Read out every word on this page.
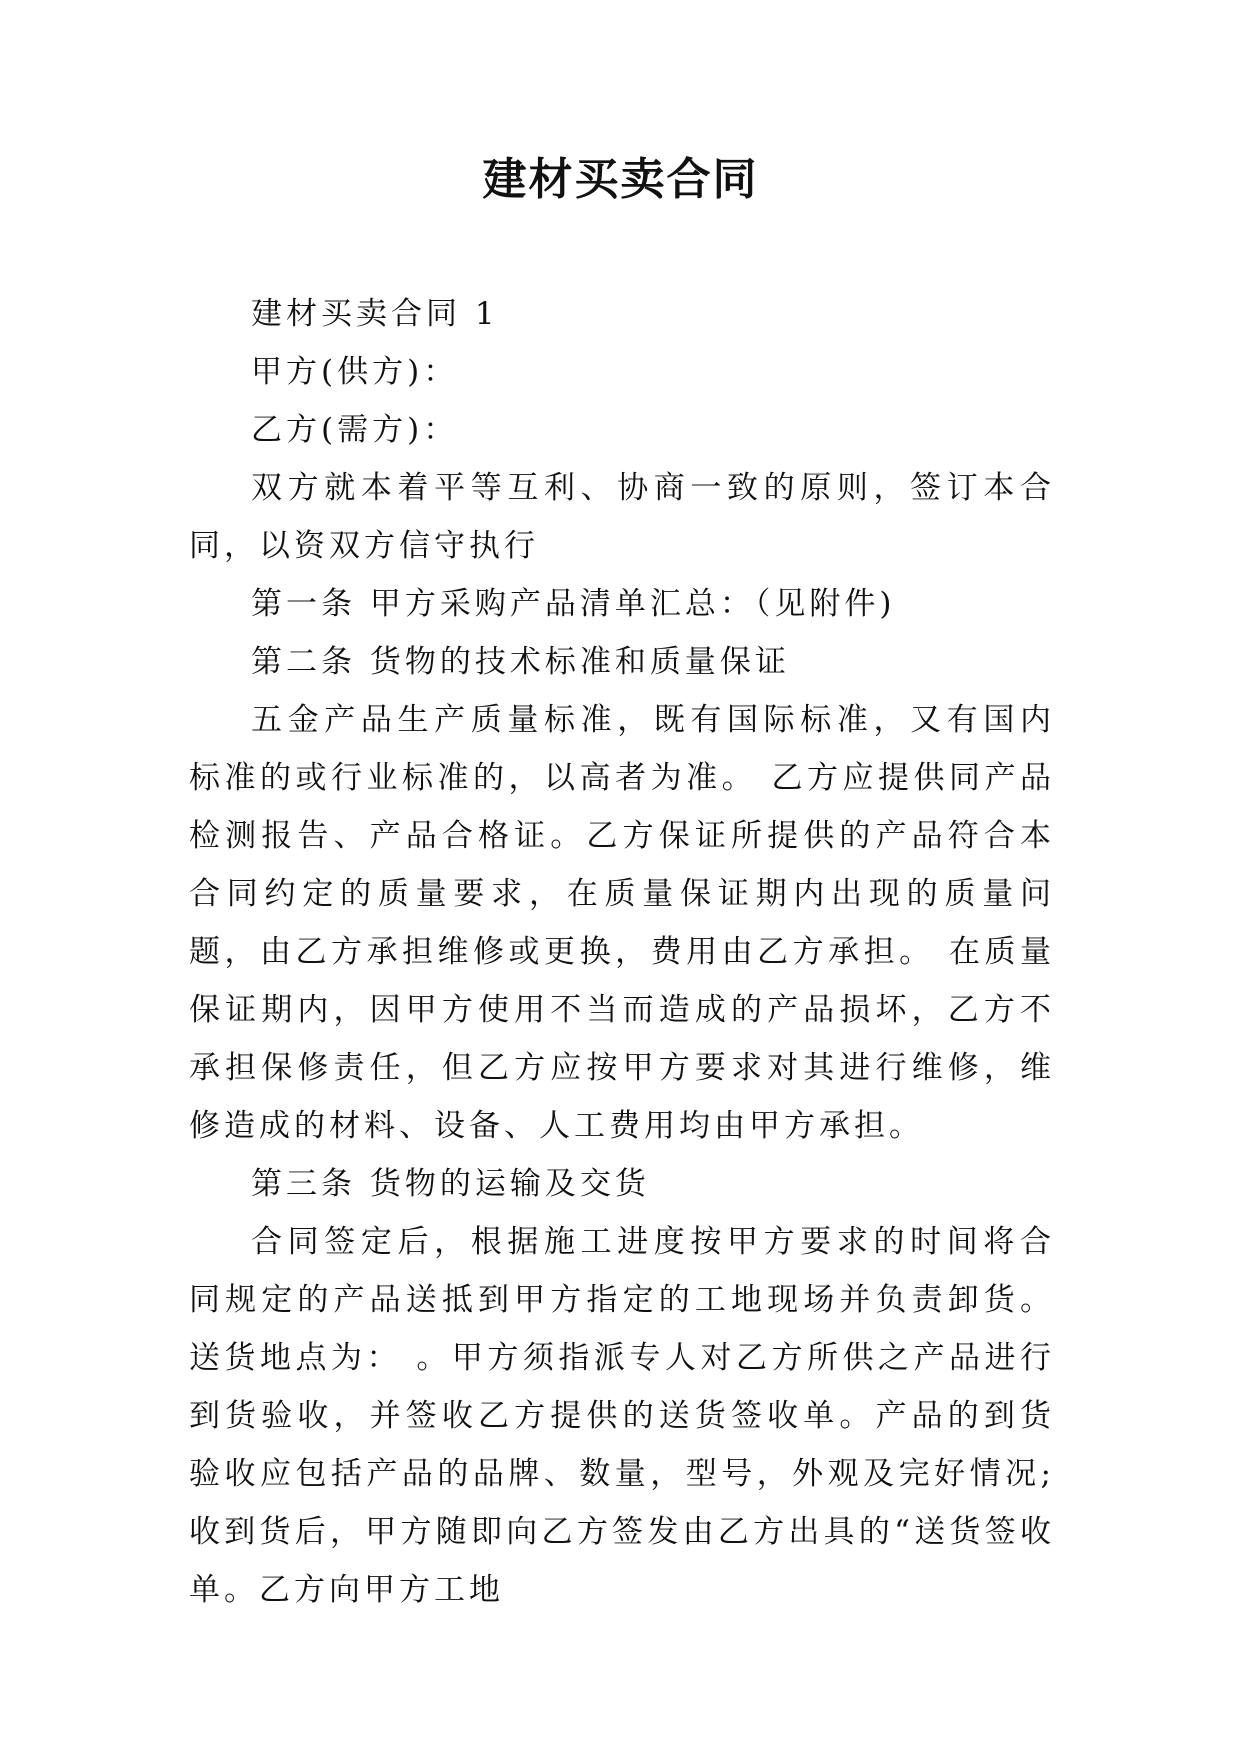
建材买卖合同

建材买卖合同 1

甲方(供方)：

乙方(需方)：

双方就本着平等互利、协商一致的原则，签订本合同，以资双方信守执行

第一条 甲方采购产品清单汇总：（见附件)

第二条 货物的技术标准和质量保证

五金产品生产质量标准，既有国际标准，又有国内标准的或行业标准的，以高者为准。 乙方应提供同产品检测报告、产品合格证。乙方保证所提供的产品符合本合同约定的质量要求，在质量保证期内出现的质量问题，由乙方承担维修或更换，费用由乙方承担。 在质量保证期内，因甲方使用不当而造成的产品损坏，乙方不承担保修责任，但乙方应按甲方要求对其进行维修，维修造成的材料、设备、人工费用均由甲方承担。

第三条 货物的运输及交货

合同签定后，根据施工进度按甲方要求的时间将合同规定的产品送抵到甲方指定的工地现场并负责卸货。送货地点为： 。甲方须指派专人对乙方所供之产品进行到货验收，并签收乙方提供的送货签收单。产品的到货验收应包括产品的品牌、数量，型号，外观及完好情况;收到货后，甲方随即向乙方签发由乙方出具的“送货签收单。乙方向甲方工地
